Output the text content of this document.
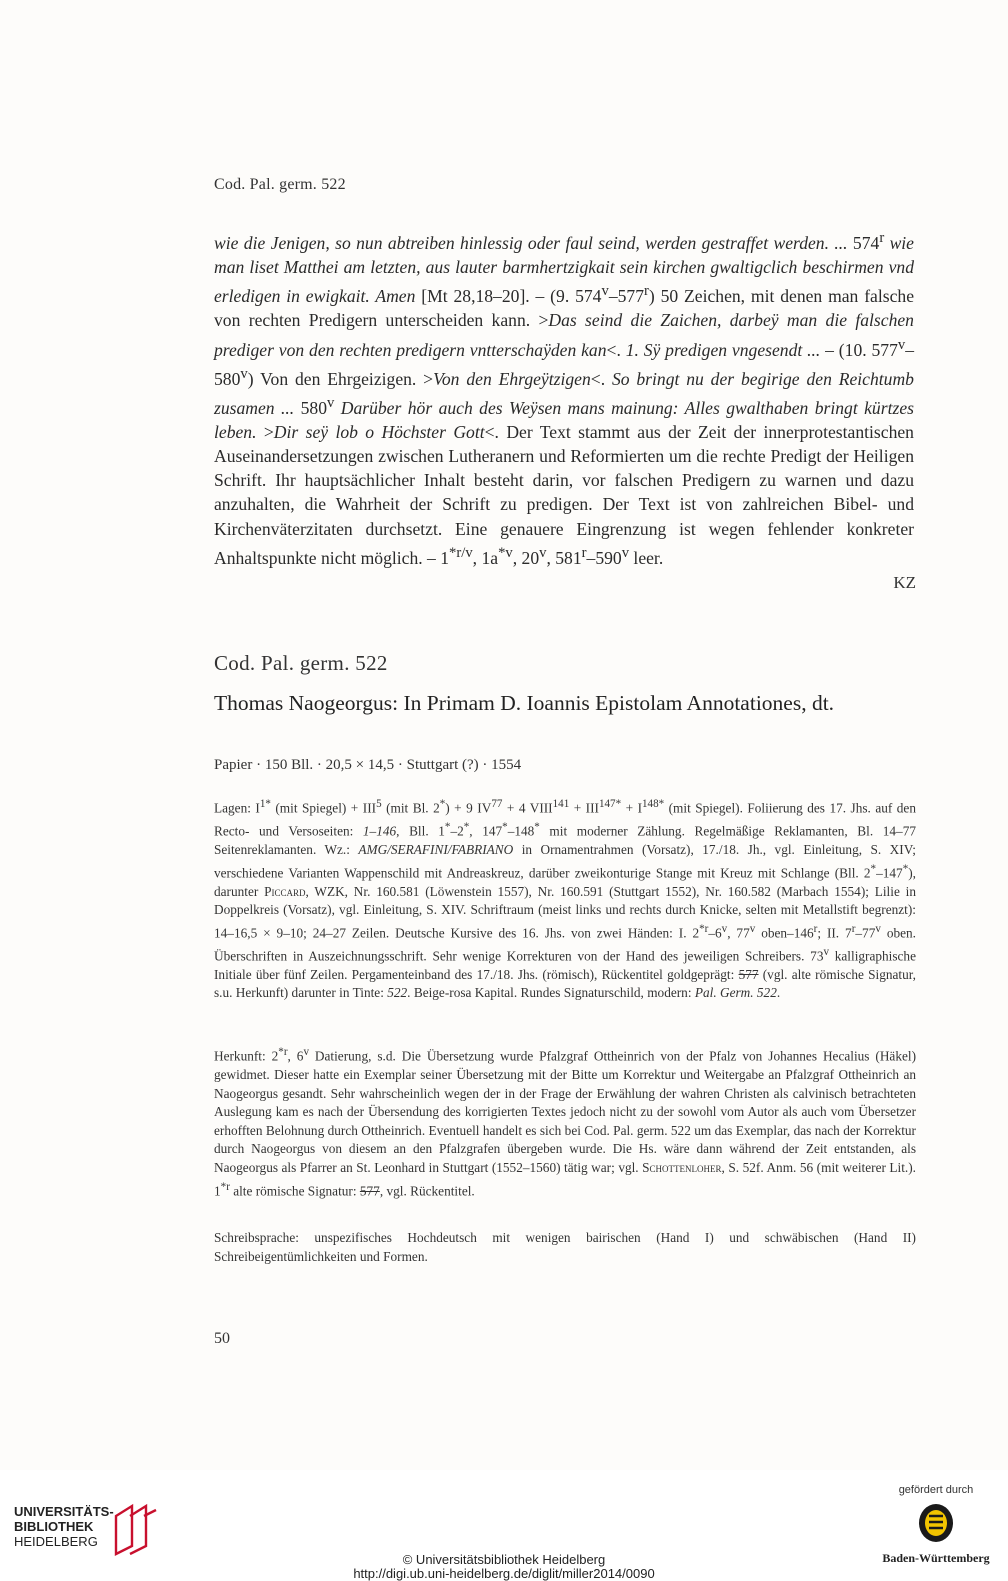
Cod. Pal. germ. 522
wie die Jenigen, so nun abtreiben hinlessig oder faul seind, werden gestraffet werden. ... 574$^r$ wie man liset Matthei am letzten, aus lauter barmhertzigkait sein kirchen gwaltigclich beschirmen vnd erledigen in ewigkait. Amen [Mt 28,18–20]. – (9. 574$^v$–577$^r$) 50 Zeichen, mit denen man falsche von rechten Predigern unterscheiden kann. >Das seind die Zaichen, darbeÿ man die falschen prediger von den rechten predigern vntterschaÿden kan<. 1. Sÿ predigen vngesendt ... – (10. 577$^v$–580$^v$) Von den Ehrgeizigen. >Von den Ehrgeÿtzigen<. So bringt nu der begirige den Reichtumb zusamen ... 580$^v$ Darüber hör auch des Weÿsen mans mainung: Alles gwalthaben bringt kürtzes leben. >Dir seÿ lob o Höchster Gott<. Der Text stammt aus der Zeit der innerprotestantischen Auseinandersetzungen zwischen Lutheranern und Reformierten um die rechte Predigt der Heiligen Schrift. Ihr hauptsächlicher Inhalt besteht darin, vor falschen Predigern zu warnen und dazu anzuhalten, die Wahrheit der Schrift zu predigen. Der Text ist von zahlreichen Bibel- und Kirchenväterzitaten durchsetzt. Eine genauere Eingrenzung ist wegen fehlender konkreter Anhaltspunkte nicht möglich. – $1^{*r/v}$, $1a^{*v}$, 20$^v$, 581$^r$–590$^v$ leer.
KZ
Cod. Pal. germ. 522
Thomas Naogeorgus: In Primam D. Ioannis Epistolam Annotationes, dt.
Papier · 150 Bll. · 20,5 × 14,5 · Stuttgart (?) · 1554
Lagen: $I^{1*}$ (mit Spiegel) + $III^5$ (mit Bl. 2*) + 9 $IV^{77} + 4$ $VIII^{141} + III^{147*} + I^{148*}$ (mit Spiegel). Foliierung des 17. Jhs. auf den Recto- und Versoseiten: 1–146, Bll. 1*–2*, 147*–148* mit moderner Zählung. Regelmäßige Reklamanten, Bl. 14–77 Seitenreklamanten. Wz.: AMG/SERAFINI/FABRIANO in Ornamentrahmen (Vorsatz), 17./18. Jh., vgl. Einleitung, S. XIV; verschiedene Varianten Wappenschild mit Andreaskreuz, darüber zweikonturige Stange mit Kreuz mit Schlange (Bll. 2*–147*), darunter Piccard, WZK, Nr. 160.581 (Löwenstein 1557), Nr. 160.591 (Stuttgart 1552), Nr. 160.582 (Marbach 1554); Lilie in Doppelkreis (Vorsatz), vgl. Einleitung, S. XIV. Schriftraum (meist links und rechts durch Knicke, selten mit Metallstift begrenzt): 14–16,5 × 9–10; 24–27 Zeilen. Deutsche Kursive des 16. Jhs. von zwei Händen: I. 2$^{*r}$–6$^v$, 77$^v$ oben–146$^r$; II. 7$^r$–77$^v$ oben. Überschriften in Auszeichnungsschrift. Sehr wenige Korrekturen von der Hand des jeweiligen Schreibers. 73$^v$ kalligraphische Initiale über fünf Zeilen. Pergamenteinband des 17./18. Jhs. (römisch), Rückentitel goldgeprägt: 577 (vgl. alte römische Signatur, s.u. Herkunft) darunter in Tinte: 522. Beige-rosa Kapital. Rundes Signaturschild, modern: Pal. Germ. 522.
Herkunft: 2$^{*r}$, 6$^v$ Datierung, s.d. Die Übersetzung wurde Pfalzgraf Ottheinrich von der Pfalz von Johannes Hecalius (Häkel) gewidmet. Dieser hatte ein Exemplar seiner Übersetzung mit der Bitte um Korrektur und Weitergabe an Pfalzgraf Ottheinrich an Naogeorgus gesandt. Sehr wahrscheinlich wegen der in der Frage der Erwählung der wahren Christen als calvinisch betrachteten Auslegung kam es nach der Übersendung des korrigierten Textes jedoch nicht zu der sowohl vom Autor als auch vom Übersetzer erhofften Belohnung durch Ottheinrich. Eventuell handelt es sich bei Cod. Pal. germ. 522 um das Exemplar, das nach der Korrektur durch Naogeorgus von diesem an den Pfalzgrafen übergeben wurde. Die Hs. wäre dann während der Zeit entstanden, als Naogeorgus als Pfarrer an St. Leonhard in Stuttgart (1552–1560) tätig war; vgl. Schottenloher, S. 52f. Anm. 56 (mit weiterer Lit.). 1$^{*r}$ alte römische Signatur: 577, vgl. Rückentitel.
Schreibsprache: unspezifisches Hochdeutsch mit wenigen bairischen (Hand I) und schwäbischen (Hand II) Schreibeigentümlichkeiten und Formen.
50
UNIVERSITÄTS-
BIBLIOTHEK
HEIDELBERG
© Universitätsbibliothek Heidelberg
http://digi.ub.uni-heidelberg.de/diglit/miller2014/0090
gefördert durch
Baden-Württemberg
